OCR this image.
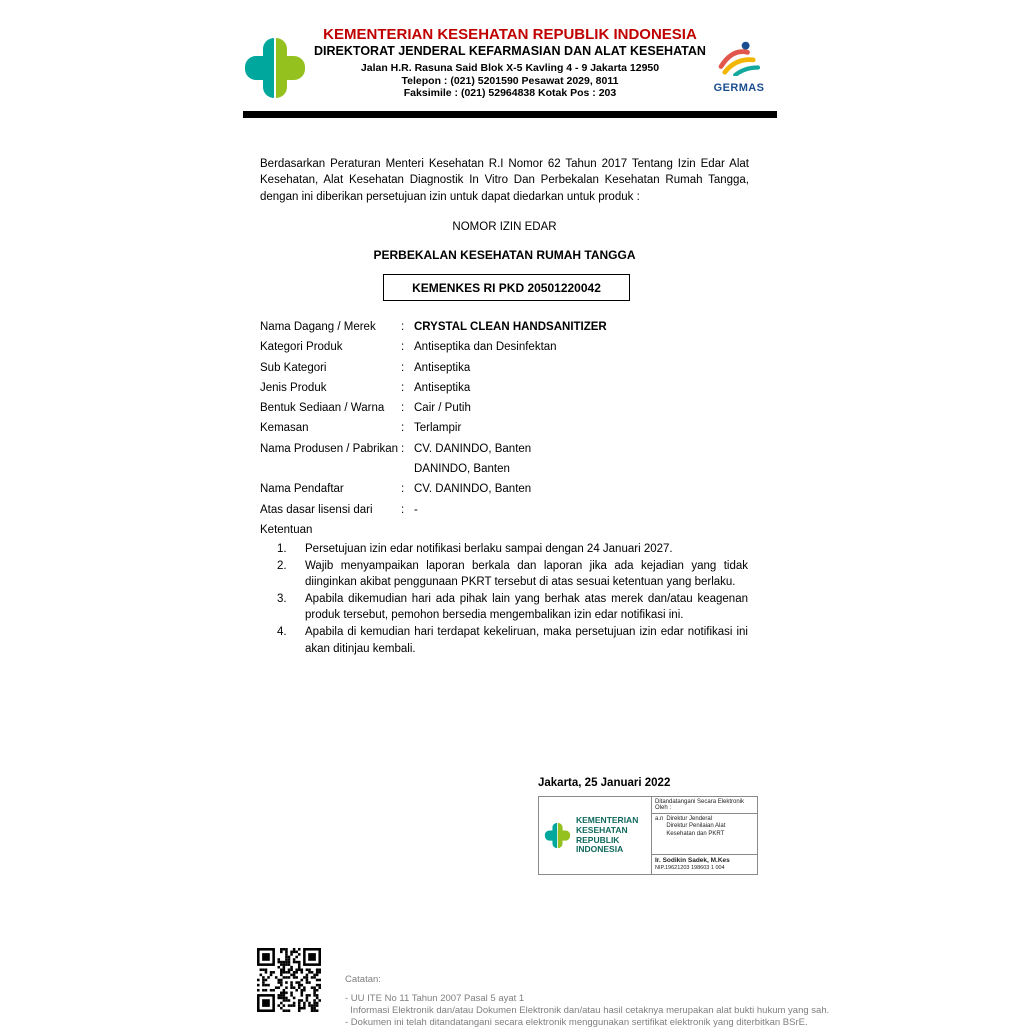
KEMENTERIAN KESEHATAN REPUBLIK INDONESIA
DIREKTORAT JENDERAL KEFARMASIAN DAN ALAT KESEHATAN
Jalan H.R. Rasuna Said Blok X-5 Kavling 4 - 9 Jakarta 12950
Telepon : (021) 5201590 Pesawat 2029, 8011
Faksimile : (021) 52964838 Kotak Pos : 203	GERMAS

Berdasarkan Peraturan Menteri Kesehatan R.I Nomor 62 Tahun 2017 Tentang Izin Edar Alat Kesehatan, Alat Kesehatan Diagnostik In Vitro Dan Perbekalan Kesehatan Rumah Tangga, dengan ini diberikan persetujuan izin untuk dapat diedarkan untuk produk :

NOMOR IZIN EDAR
PERBEKALAN KESEHATAN RUMAH TANGGA
KEMENKES RI PKD 20501220042
Nama Dagang / Merek	: CRYSTAL CLEAN HANDSANITIZER
Kategori Produk	: Antiseptika dan Desinfektan
Sub Kategori	: Antiseptika
Jenis Produk	: Antiseptika
Bentuk Sediaan / Warna	: Cair / Putih
Kemasan	: Terlampir
Nama Produsen / Pabrikan : CV. DANINDO, Banten
DANINDO, Banten
Nama Pendaftar	: CV. DANINDO, Banten
Atas dasar lisensi dari	: -
Ketentuan
1.	Persetujuan izin edar notifikasi berlaku sampai dengan 24 Januari 2027.
2.	Wajib menyampaikan laporan berkala dan laporan jika ada kejadian yang tidak diinginkan akibat penggunaan PKRT tersebut di atas sesuai ketentuan yang berlaku.
3.	Apabila dikemudian hari ada pihak lain yang berhak atas merek dan/atau keagenan produk tersebut, pemohon bersedia mengembalikan izin edar notifikasi ini.
4.	Apabila di kemudian hari terdapat kekeliruan, maka persetujuan izin edar notifikasi ini akan ditinjau kembali.
Jakarta, 25 Januari 2022
KEMENTERIAN
KESEHATAN
REPUBLIK
INDONESIA
Ditandatangani Secara Elektronik Oleh :
a.n Direktur Jenderal
Direktur Penilaian Alat Kesehatan dan PKRT
Ir. Sodikin Sadek, M.Kes
NIP.19621203 198603 1 004
Catatan:
- UU ITE No 11 Tahun 2007 Pasal 5 ayat 1
Informasi Elektronik dan/atau Dokumen Elektronik dan/atau hasil cetaknya merupakan alat bukti hukum yang sah.
- Dokumen ini telah ditandatangani secara elektronik menggunakan sertifikat elektronik yang diterbitkan BSrE.
